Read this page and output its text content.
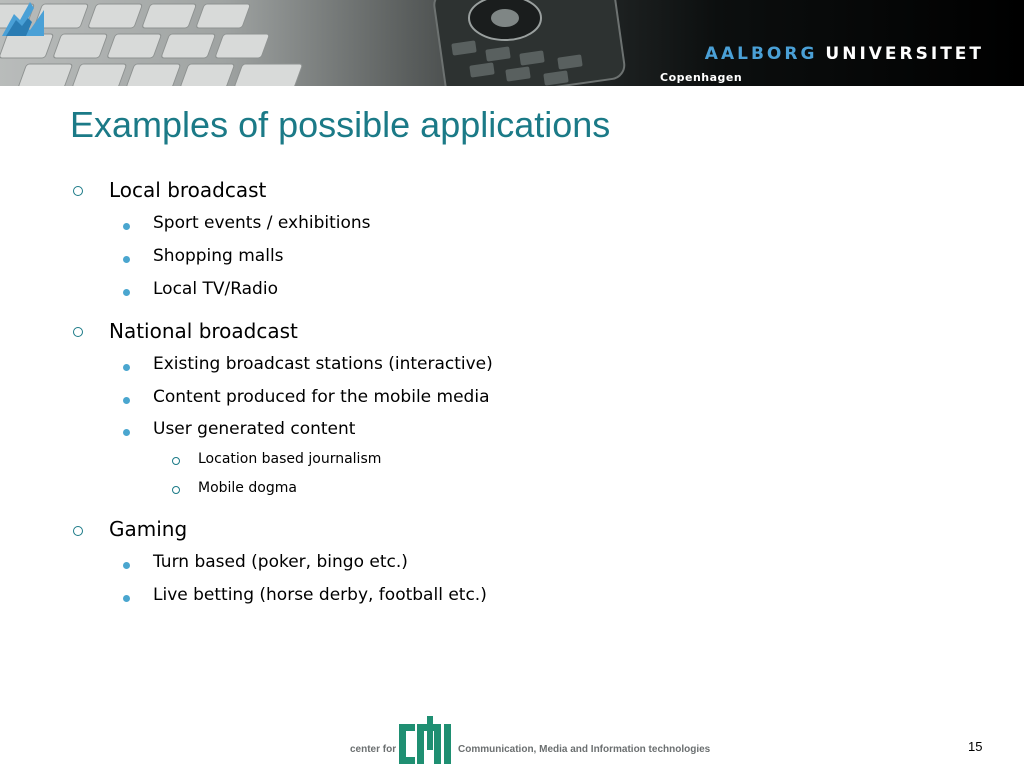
AALBORG UNIVERSITET
Copenhagen
Examples of possible applications
Local broadcast
Sport events / exhibitions
Shopping malls
Local TV/Radio
National broadcast
Existing broadcast stations (interactive)
Content produced for the mobile media
User generated content
Location based journalism
Mobile dogma
Gaming
Turn based (poker, bingo etc.)
Live betting (horse derby, football etc.)
center for	Communication, Media and Information technologies	15
